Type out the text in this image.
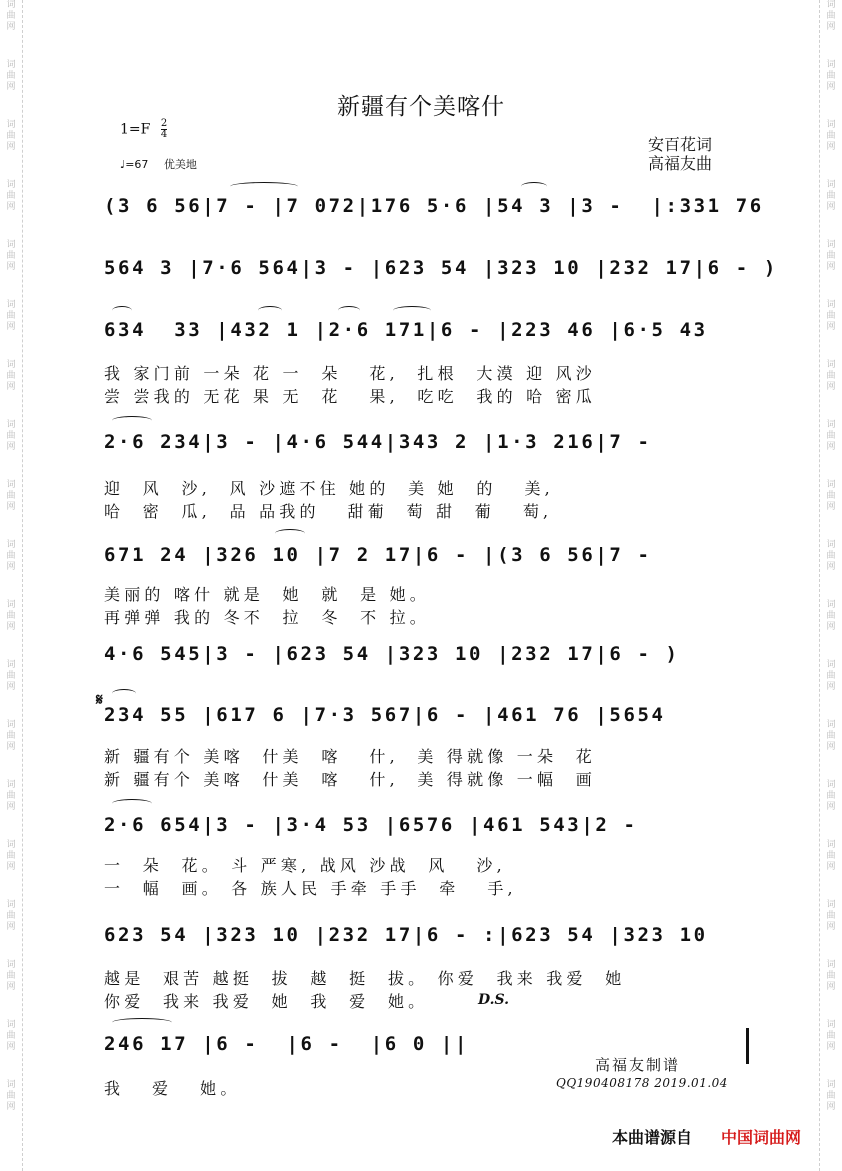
词
曲
网
词
曲
网
词
曲
网
词
曲
网
词
曲
网
词
曲
网
词
曲
网
词
曲
网
词
曲
网
词
曲
网
词
曲
网
词
曲
网
词
曲
网
词
曲
网
词
曲
网
词
曲
网
词
曲
网
词
曲
网
词
曲
网
词
曲
网
词
曲
网
词
曲
网
词
曲
网
词
曲
网
词
曲
网
词
曲
网
词
曲
网
词
曲
网
词
曲
网
词
曲
网
词
曲
网
词
曲
网
词
曲
网
词
曲
网
词
曲
网
词
曲
网
词
曲
网
词
曲
网
新疆有个美喀什
$1=F \frac{2}{4}$
♩=67 优美地
安百花词
高福友曲
(3 6 56|7 - |7 072|176 5·6 |54 3 |3 -  |:331 76
564 3 |7·6 564|3 - |623 54 |323 10 |232 17|6 - )
634  33 |432 1 |2·6 171|6 - |223 46 |6·5 43
我 家门前 一朵 花 一  朵   花,  扎根  大漠 迎 风沙
尝 尝我的 无花 果 无  花   果,  吃吃  我的 哈 密瓜
2·6 234|3 - |4·6 544|343 2 |1·3 216|7 -
迎  风  沙,  风 沙遮不住 她的  美 她  的   美,
哈  密  瓜,  品 品我的   甜葡  萄 甜  葡   萄,
671 24 |326 10 |7 2 17|6 - |(3 6 56|7 -
美丽的 喀什 就是  她  就  是 她。
再弹弹 我的 冬不  拉  冬  不 拉。
4·6 545|3 - |623 54 |323 10 |232 17|6 - )
𝄋
234 55 |617 6 |7·3 567|6 - |461 76 |5654
新 疆有个 美喀  什美  喀   什,  美 得就像 一朵  花
新 疆有个 美喀  什美  喀   什,  美 得就像 一幅  画
2·6 654|3 - |3·4 53 |6576 |461 543|2 -
一  朵  花。 斗 严寒, 战风 沙战  风   沙,
一  幅  画。 各 族人民 手牵 手手  牵   手,
623 54 |323 10 |232 17|6 - :|623 54 |323 10
越是  艰苦 越挺  拔  越  挺  拔。 你爱  我来 我爱  她
你爱  我来 我爱  她  我  爱  她。	D.S.
246 17 |6 -  |6 -  |6 0 ||
我   爱   她。
高福友制谱
QQ190408178 2019.01.04
本曲谱源自 中国词曲网
